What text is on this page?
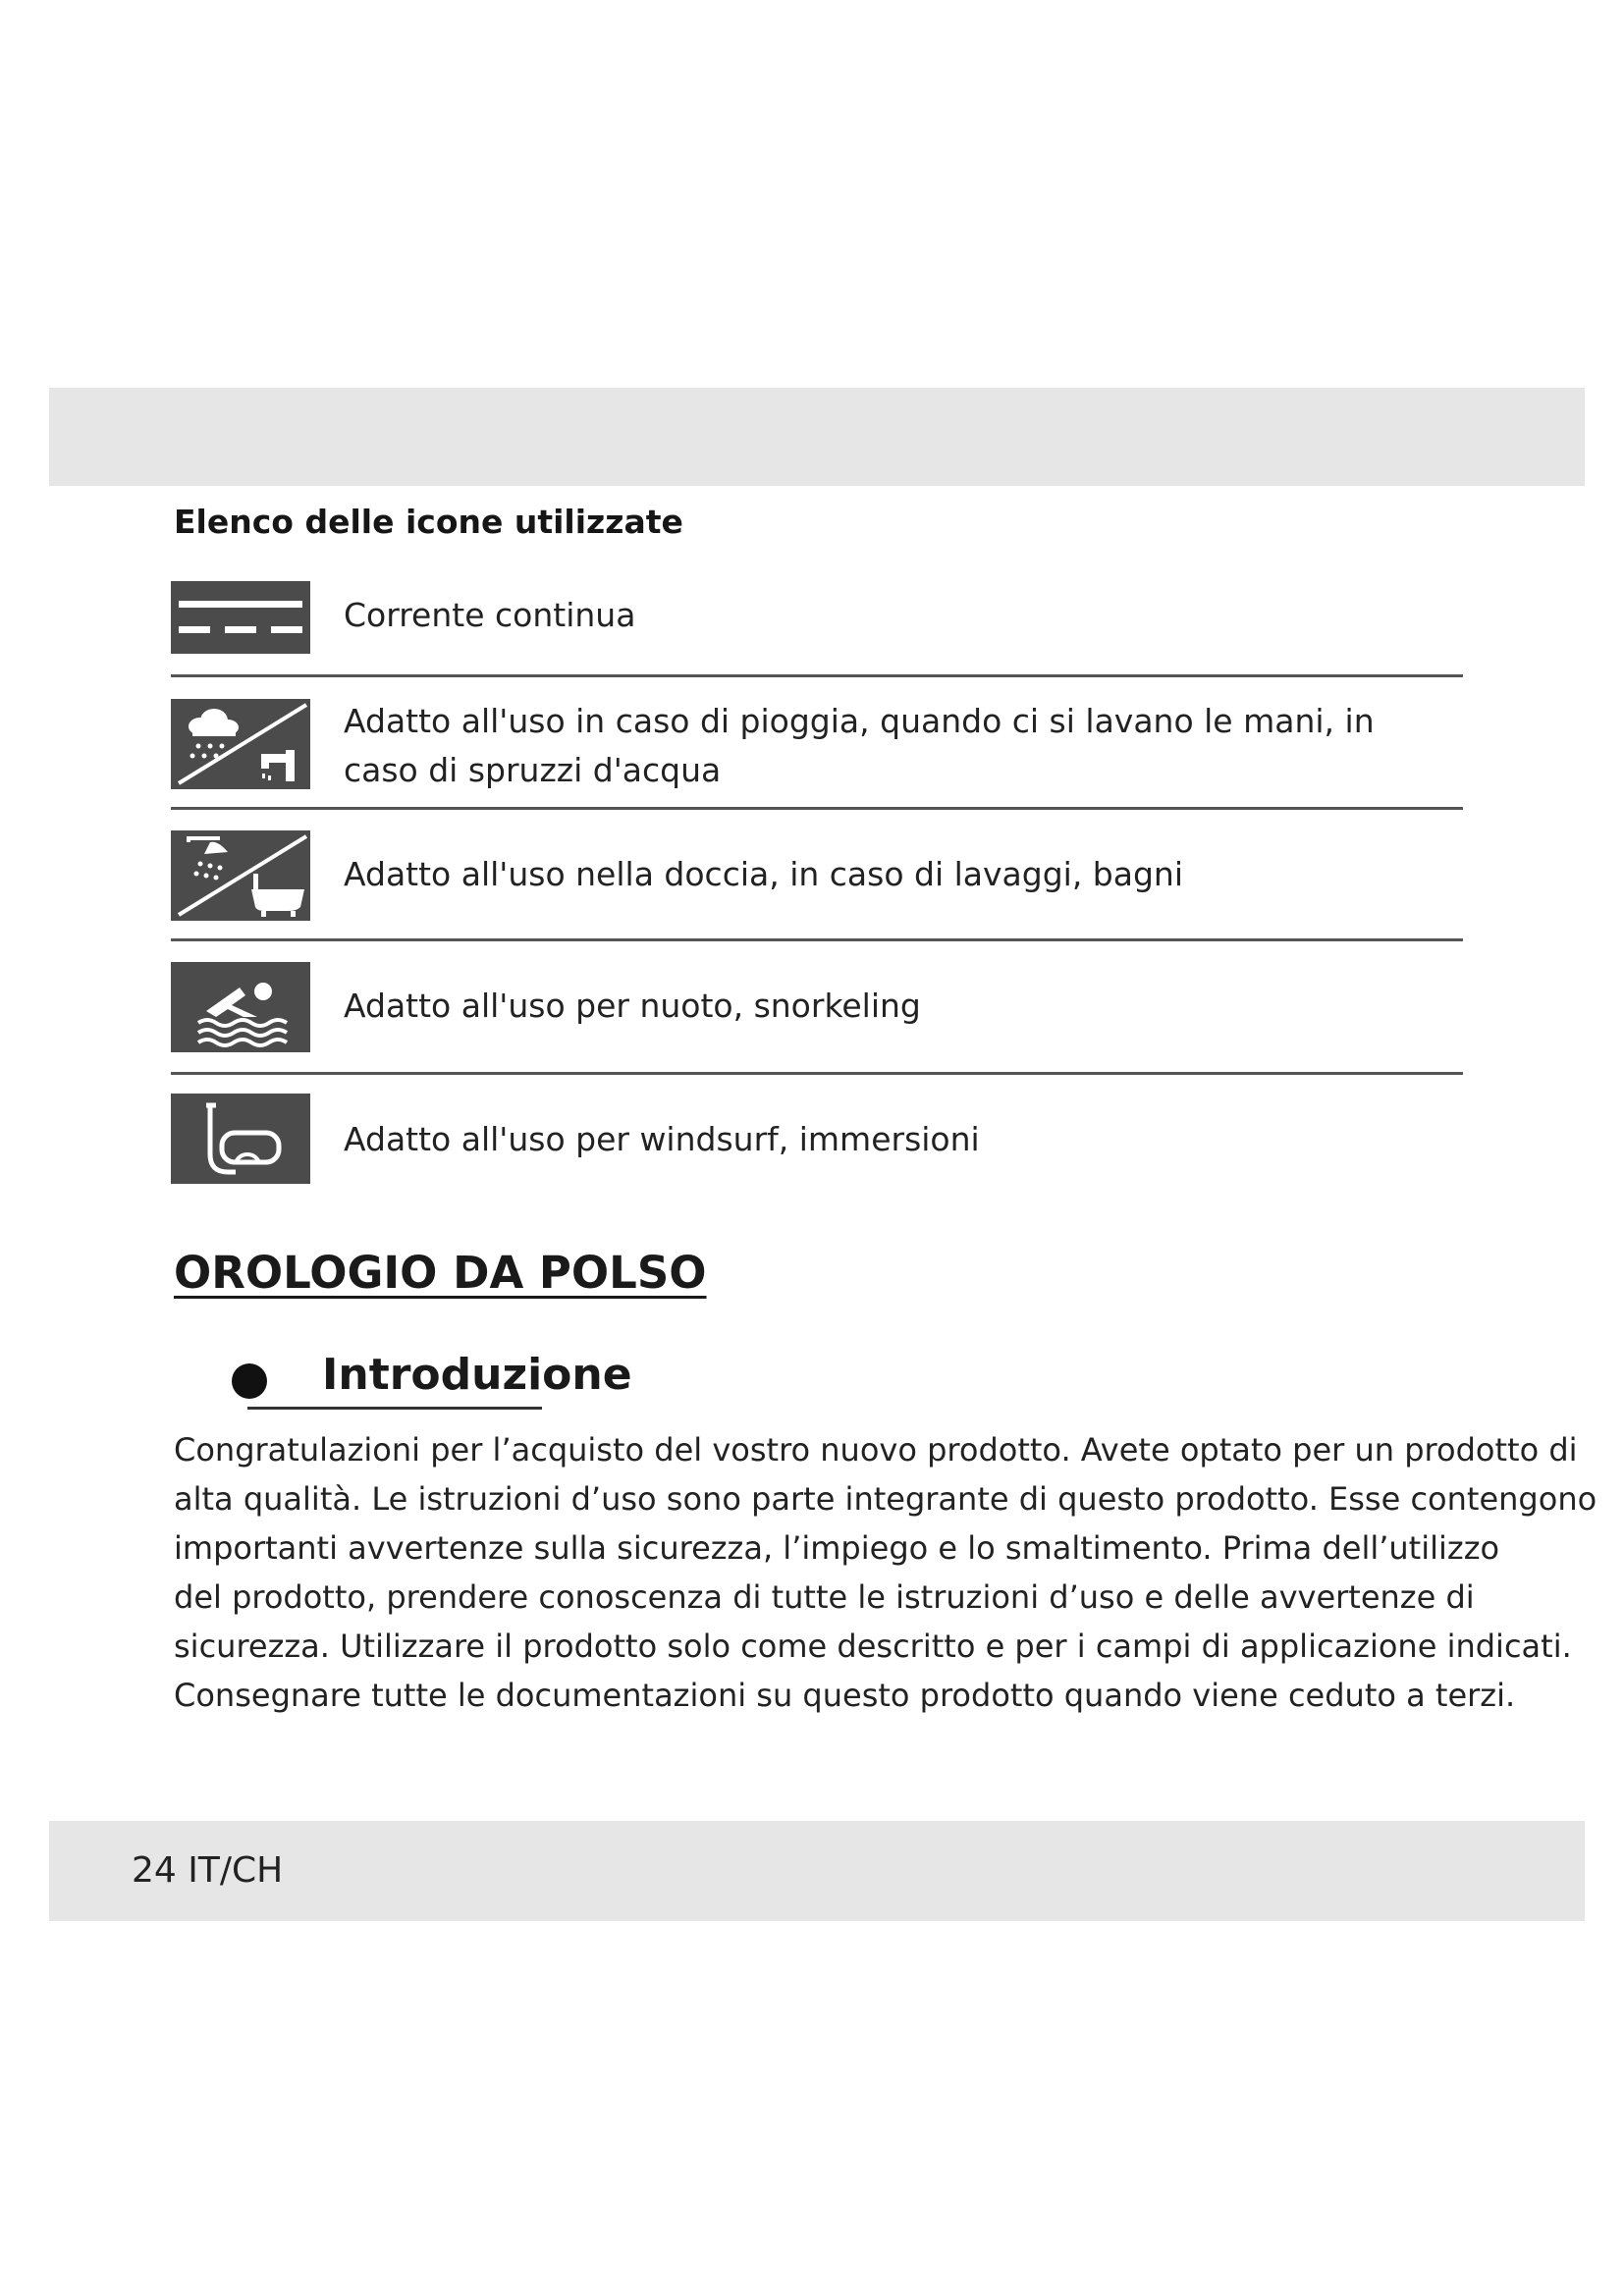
Elenco delle icone utilizzate
Corrente continua
Adatto all'uso in caso di pioggia, quando ci si lavano le mani, in caso di spruzzi d'acqua
Adatto all'uso nella doccia, in caso di lavaggi, bagni
Adatto all'uso per nuoto, snorkeling
Adatto all'uso per windsurf, immersioni
OROLOGIO DA POLSO
Introduzione

Congratulazioni per l’acquisto del vostro nuovo prodotto. Avete optato per un prodotto di
alta qualità. Le istruzioni d’uso sono parte integrante di questo prodotto. Esse contengono
importanti avvertenze sulla sicurezza, l’impiego e lo smaltimento. Prima dell’utilizzo
del prodotto, prendere conoscenza di tutte le istruzioni d’uso e delle avvertenze di
sicurezza. Utilizzare il prodotto solo come descritto e per i campi di applicazione indicati.
Consegnare tutte le documentazioni su questo prodotto quando viene ceduto a terzi.

24 IT/CH
